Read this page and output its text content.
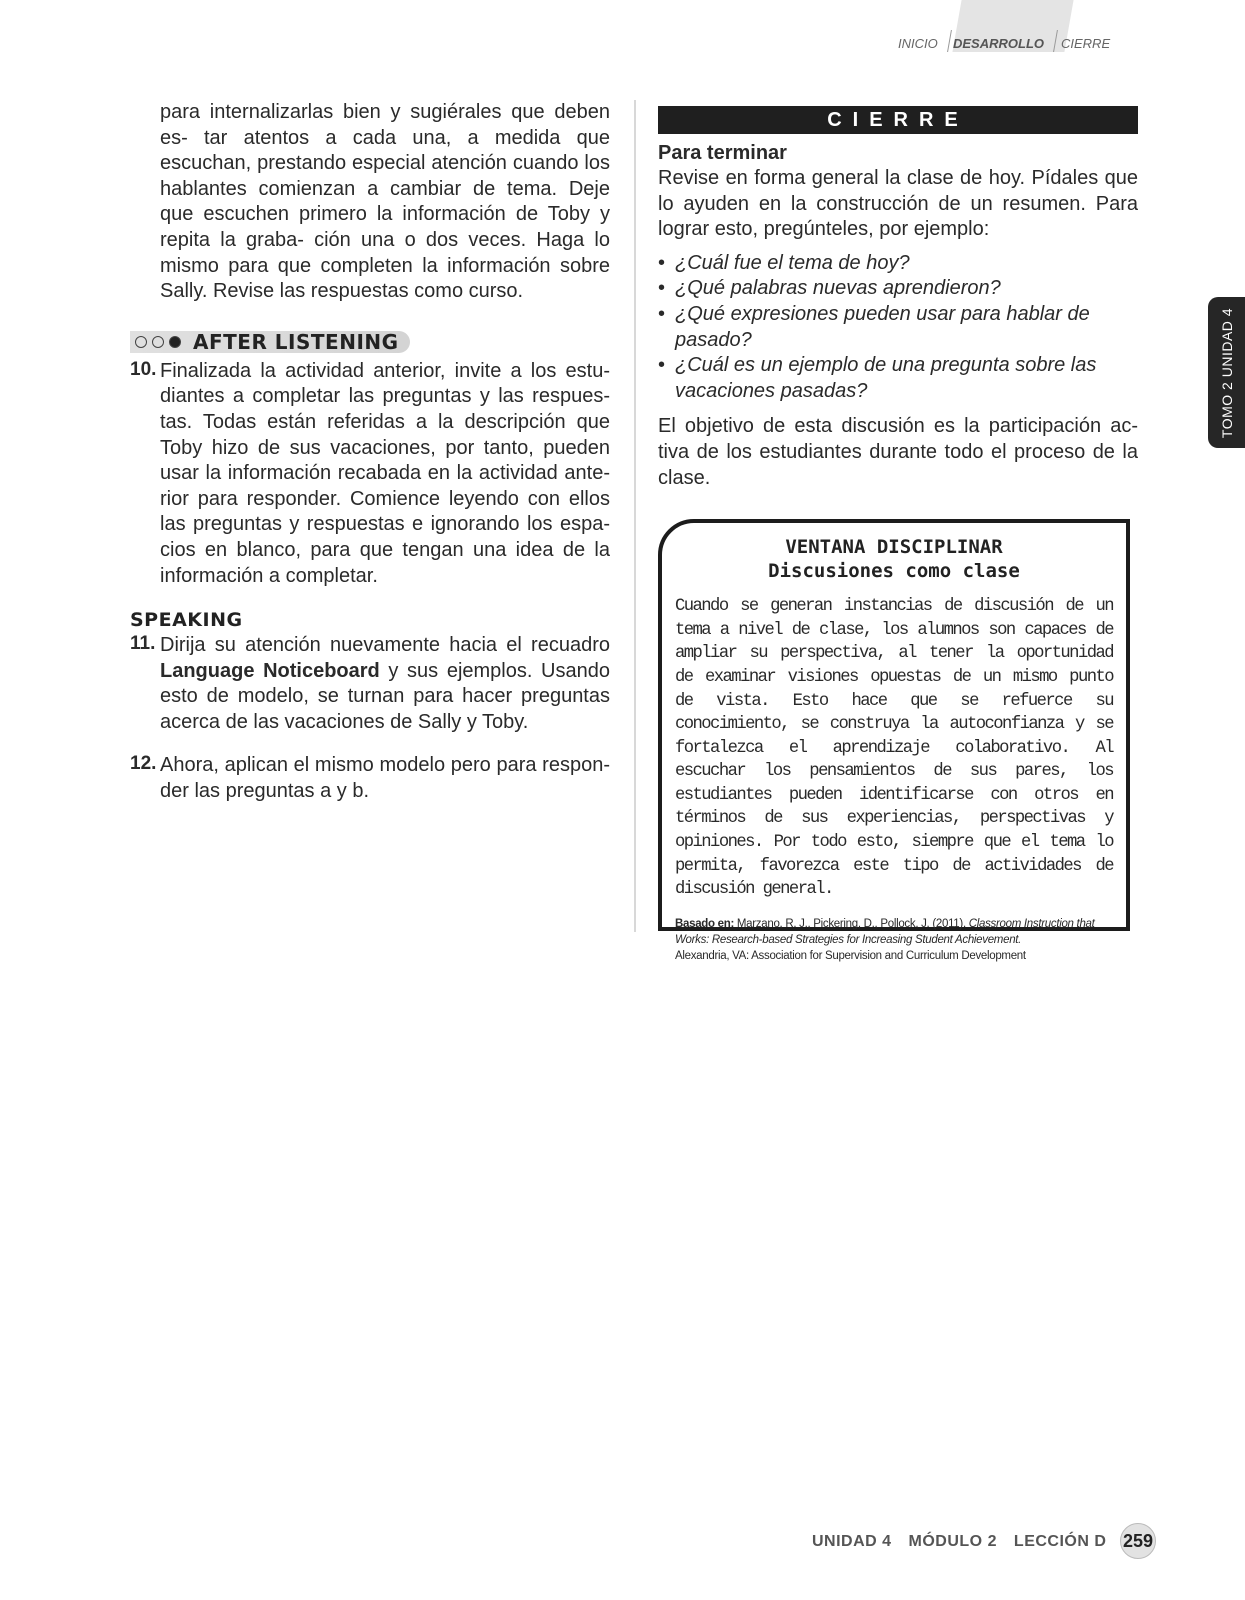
INICIO DESARROLLO CIERRE
TOMO 2 UNIDAD 4

para internalizarlas bien y sugiérales que deben es- tar atentos a cada una, a medida que escuchan, prestando especial atención cuando los hablantes comienzan a cambiar de tema. Deje que escuchen primero la información de Toby y repita la graba- ción una o dos veces. Haga lo mismo para que completen la información sobre Sally. Revise las respuestas como curso.

AFTER LISTENING
10. Finalizada la actividad anterior, invite a los estu- diantes a completar las preguntas y las respues- tas. Todas están referidas a la descripción que Toby hizo de sus vacaciones, por tanto, pueden usar la información recabada en la actividad ante- rior para responder. Comience leyendo con ellos las preguntas y respuestas e ignorando los espa- cios en blanco, para que tengan una idea de la información a completar.

SPEAKING
11. Dirija su atención nuevamente hacia el recuadro Language Noticeboard y sus ejemplos. Usando esto de modelo, se turnan para hacer preguntas acerca de las vacaciones de Sally y Toby.

12. Ahora, aplican el mismo modelo pero para respon- der las preguntas a y b.

CIERRE
Para terminar

Revise en forma general la clase de hoy. Pídales que lo ayuden en la construcción de un resumen. Para lograr esto, pregúnteles, por ejemplo:

• ¿Cuál fue el tema de hoy?
• ¿Qué palabras nuevas aprendieron?
• ¿Qué expresiones pueden usar para hablar de pasado?
• ¿Cuál es un ejemplo de una pregunta sobre las vacaciones pasadas?

El objetivo de esta discusión es la participación ac- tiva de los estudiantes durante todo el proceso de la clase.

VENTANA DISCIPLINAR
Discusiones como clase

Cuando se generan instancias de discusión de un tema a nivel de clase, los alumnos son capaces de ampliar su perspectiva, al tener la oportunidad de examinar visiones opuestas de un mismo punto de vista. Esto hace que se refuerce su conocimiento, se construya la autoconfianza y se fortalezca el aprendizaje colaborativo. Al escuchar los pensamientos de sus pares, los estudiantes pueden identificarse con otros en términos de sus experiencias, perspectivas y opiniones. Por todo esto, siempre que el tema lo permita, favorezca este tipo de actividades de discusión general.

Basado en: Marzano, R. J., Pickering, D., Pollock, J. (2011). Classroom Instruction that Works: Research-based Strategies for Increasing Student Achievement.
Alexandria, VA: Association for Supervision and Curriculum Development

UNIDAD 4 MÓDULO 2 LECCIÓN D 259
